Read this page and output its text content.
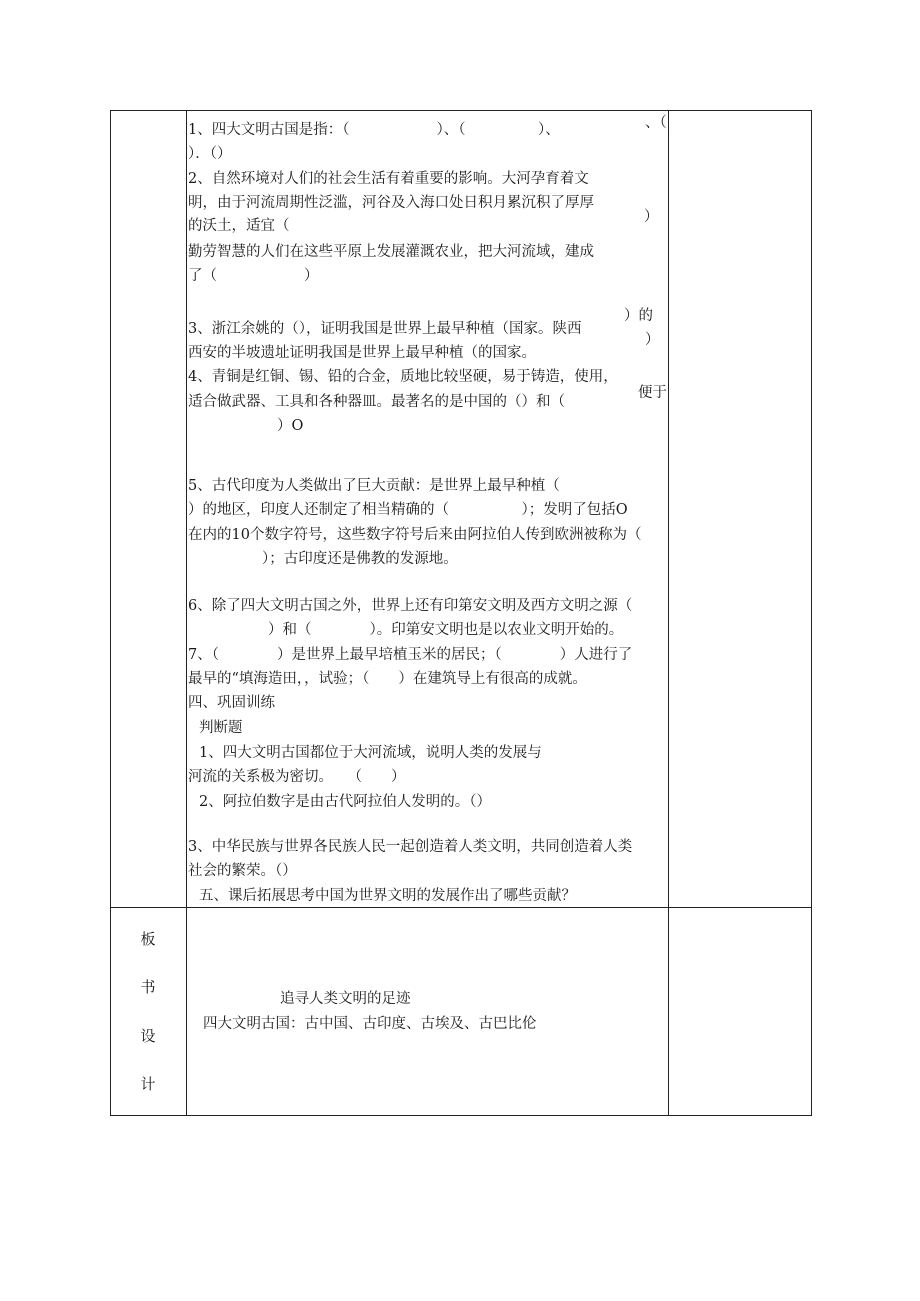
1、四大文明古国是指：（　　　　　　）、（　　　　　）、	、（
）．（）
2、自然环境对人们的社会生活有着重要的影响。大河孕育着文
明，由于河流周期性泛滥，河谷及入海口处日积月累沉积了厚厚
）
的沃土，适宜（
勤劳智慧的人们在这些平原上发展灌溉农业，把大河流域，建成
了（　　　　　　）
3、浙江余姚的（），证明我国是世界上最早种植（国家。陕西
）的
西安的半坡遗址证明我国是世界上最早种植（的国家。
）
4、青铜是红铜、锡、铅的合金，质地比较坚硬，易于铸造，使用，
便于
适合做武器、工具和各种器皿。最著名的是中国的（）和（
）O
5、古代印度为人类做出了巨大贡献：是世界上最早种植（
）的地区，印度人还制定了相当精确的（　　　　　）；发明了包括O
在内的10个数字符号，这些数字符号后来由阿拉伯人传到欧洲被称为（
）；古印度还是佛教的发源地。
6、除了四大文明古国之外，世界上还有印第安文明及西方文明之源（
）和（　　　　）。印第安文明也是以农业文明开始的。
7、（　　　　）是世界上最早培植玉米的居民；（　　　　）人进行了
最早的“填海造田，，试验；（　　）在建筑导上有很高的成就。
四、巩固训练
判断题
1、四大文明古国都位于大河流域，说明人类的发展与
河流的关系极为密切。　　（　　）
2、阿拉伯数字是由古代阿拉伯人发明的。（）
3、中华民族与世界各民族人民一起创造着人类文明，共同创造着人类
社会的繁荣。（）
五、课后拓展思考中国为世界文明的发展作出了哪些贡献？
板
书
设
计
追寻人类文明的足迹
四大文明古国：古中国、古印度、古埃及、古巴比伦
